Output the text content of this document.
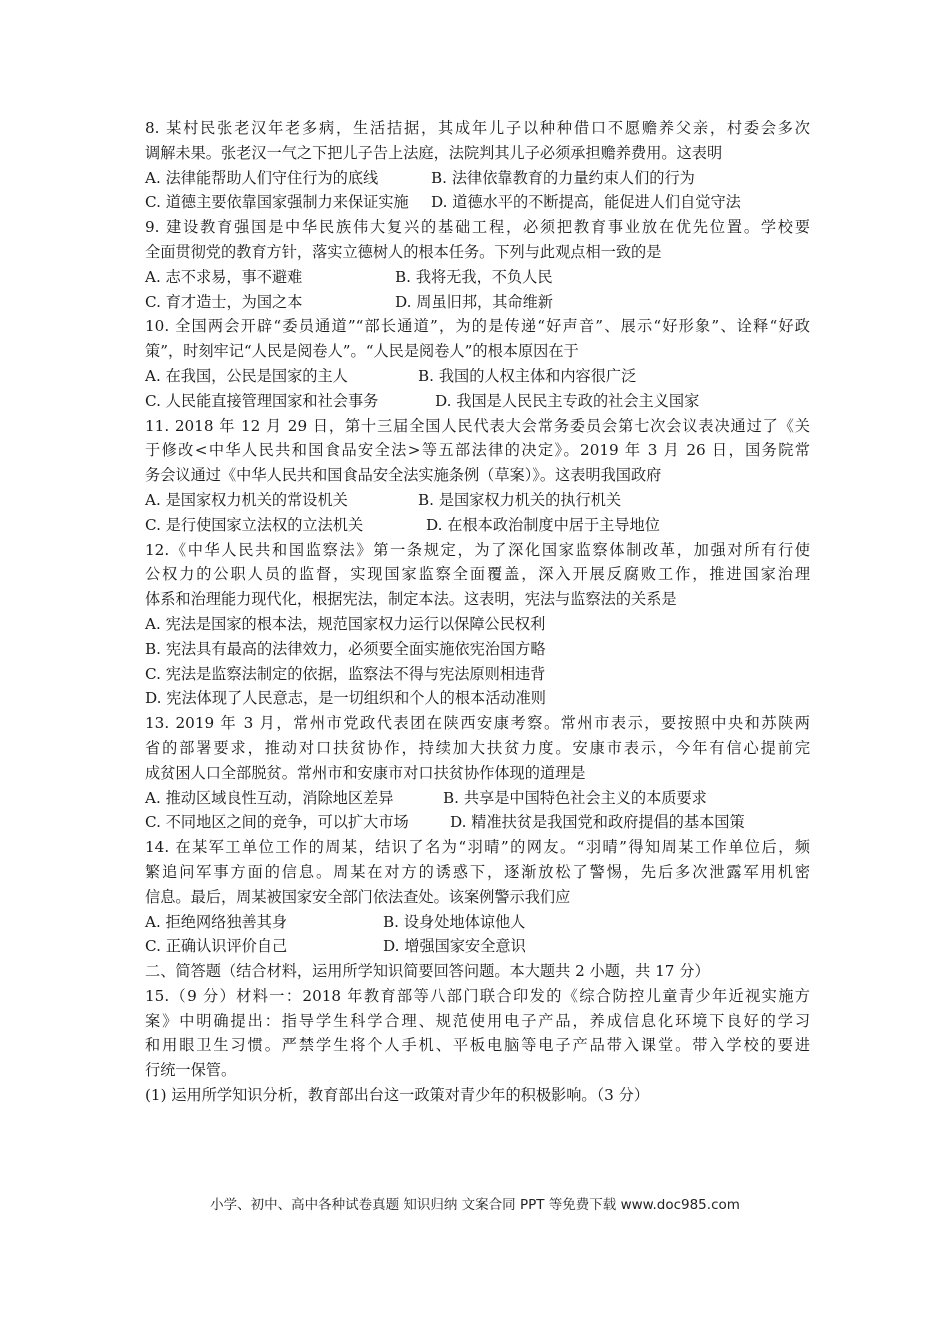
8. 某村民张老汉年老多病，生活拮据，其成年儿子以种种借口不愿赡养父亲，村委会多次
调解未果。张老汉一气之下把儿子告上法庭，法院判其儿子必须承担赡养费用。这表明
A. 法律能帮助人们守住行为的底线	B. 法律依靠教育的力量约束人们的行为
C. 道德主要依靠国家强制力来保证实施 D. 道德水平的不断提高，能促进人们自觉守法
9. 建设教育强国是中华民族伟大复兴的基础工程，必须把教育事业放在优先位置。学校要
全面贯彻党的教育方针，落实立德树人的根本任务。下列与此观点相一致的是
A. 志不求易，事不避难	B. 我将无我，不负人民
C. 育才造士，为国之本	D. 周虽旧邦，其命维新
10. 全国两会开辟“委员通道”“部长通道”，为的是传递“好声音”、展示“好形象”、诠释“好政
策”，时刻牢记“人民是阅卷人”。“人民是阅卷人”的根本原因在于
A. 在我国，公民是国家的主人	B. 我国的人权主体和内容很广泛
C. 人民能直接管理国家和社会事务	D. 我国是人民民主专政的社会主义国家
11. 2018 年 12 月 29 日，第十三届全国人民代表大会常务委员会第七次会议表决通过了《关
于修改<中华人民共和国食品安全法>等五部法律的决定》。2019 年 3 月 26 日，国务院常
务会议通过《中华人民共和国食品安全法实施条例（草案）》。这表明我国政府
A. 是国家权力机关的常设机关	B. 是国家权力机关的执行机关
C. 是行使国家立法权的立法机关	D. 在根本政治制度中居于主导地位
12.《中华人民共和国监察法》第一条规定，为了深化国家监察体制改革，加强对所有行使
公权力的公职人员的监督，实现国家监察全面覆盖，深入开展反腐败工作，推进国家治理
体系和治理能力现代化，根据宪法，制定本法。这表明，宪法与监察法的关系是
A. 宪法是国家的根本法，规范国家权力运行以保障公民权利
B. 宪法具有最高的法律效力，必须要全面实施依宪治国方略
C. 宪法是监察法制定的依据，监察法不得与宪法原则相违背
D. 宪法体现了人民意志，是一切组织和个人的根本活动准则
13. 2019 年 3 月，常州市党政代表团在陕西安康考察。常州市表示，要按照中央和苏陕两
省的部署要求，推动对口扶贫协作，持续加大扶贫力度。安康市表示，今年有信心提前完
成贫困人口全部脱贫。常州市和安康市对口扶贫协作体现的道理是
A. 推动区域良性互动，消除地区差异	B. 共享是中国特色社会主义的本质要求
C. 不同地区之间的竞争，可以扩大市场	D. 精准扶贫是我国党和政府提倡的基本国策
14. 在某军工单位工作的周某，结识了名为“羽晴”的网友。“羽晴”得知周某工作单位后，频
繁追问军事方面的信息。周某在对方的诱惑下，逐渐放松了警惕，先后多次泄露军用机密
信息。最后，周某被国家安全部门依法查处。该案例警示我们应
A. 拒绝网络独善其身	B. 设身处地体谅他人
C. 正确认识评价自己	D. 增强国家安全意识
二、简答题（结合材料，运用所学知识简要回答问题。本大题共 2 小题，共 17 分）
15.（9 分）材料一：2018 年教育部等八部门联合印发的《综合防控儿童青少年近视实施方
案》中明确提出：指导学生科学合理、规范使用电子产品，养成信息化环境下良好的学习
和用眼卫生习惯。严禁学生将个人手机、平板电脑等电子产品带入课堂。带入学校的要进
行统一保管。
(1) 运用所学知识分析，教育部出台这一政策对青少年的积极影响。（3 分）
小学、初中、高中各种试卷真题 知识归纳 文案合同 PPT 等免费下载 www.doc985.com
